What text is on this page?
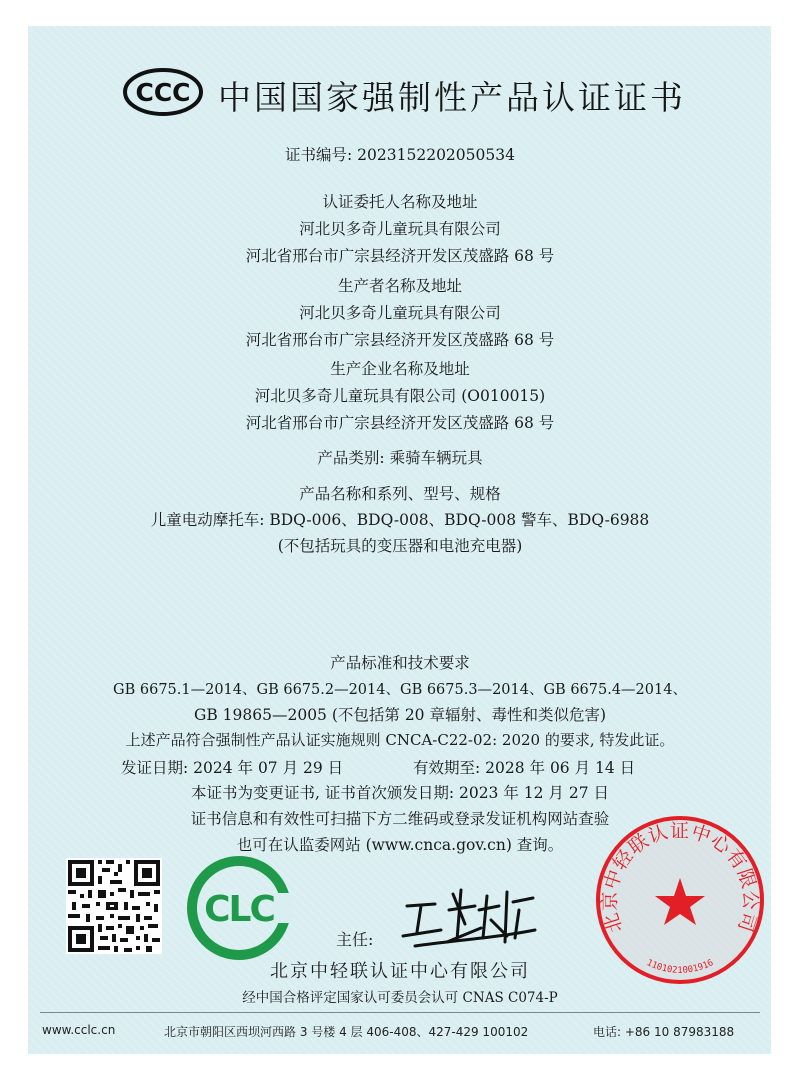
CCC 中国国家强制性产品认证证书
证书编号: 2023152202050534
认证委托人名称及地址
河北贝多奇儿童玩具有限公司
河北省邢台市广宗县经济开发区茂盛路 68 号
生产者名称及地址
河北贝多奇儿童玩具有限公司
河北省邢台市广宗县经济开发区茂盛路 68 号
生产企业名称及地址
河北贝多奇儿童玩具有限公司 (O010015)
河北省邢台市广宗县经济开发区茂盛路 68 号
产品类别: 乘骑车辆玩具
产品名称和系列、型号、规格
儿童电动摩托车: BDQ-006、BDQ-008、BDQ-008 警车、BDQ-6988
(不包括玩具的变压器和电池充电器)
产品标准和技术要求
GB 6675.1—2014、GB 6675.2—2014、GB 6675.3—2014、GB 6675.4—2014、
GB 19865—2005 (不包括第 20 章辐射、毒性和类似危害)
上述产品符合强制性产品认证实施规则 CNCA-C22-02: 2020 的要求, 特发此证。
发证日期: 2024 年 07 月 29 日	有效期至: 2028 年 06 月 14 日
本证书为变更证书, 证书首次颁发日期: 2023 年 12 月 27 日
证书信息和有效性可扫描下方二维码或登录发证机构网站查验
也可在认监委网站 (www.cnca.gov.cn) 查询。
CLC
主任:
北京中轻联认证中心有限公司
经中国合格评定国家认可委员会认可 CNAS C074-P
北京中轻联认证中心有限公司
1101021001916
www.cclc.cn	北京市朝阳区西坝河西路 3 号楼 4 层 406-408、427-429 100102	电话: +86 10 87983188
